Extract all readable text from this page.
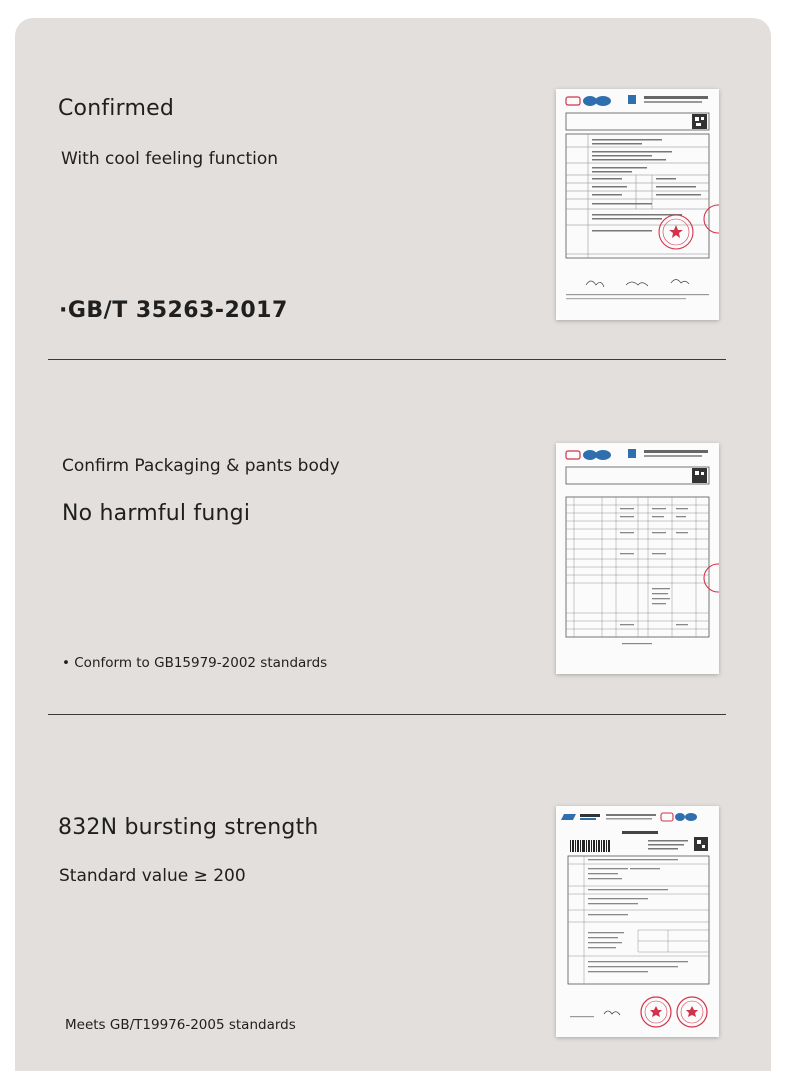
Confirmed
With cool feeling function
·GB/T 35263-2017
Confirm Packaging & pants body
No harmful fungi
• Conform to GB15979-2002 standards
832N bursting strength
Standard value ≥ 200
Meets GB/T19976-2005 standards
